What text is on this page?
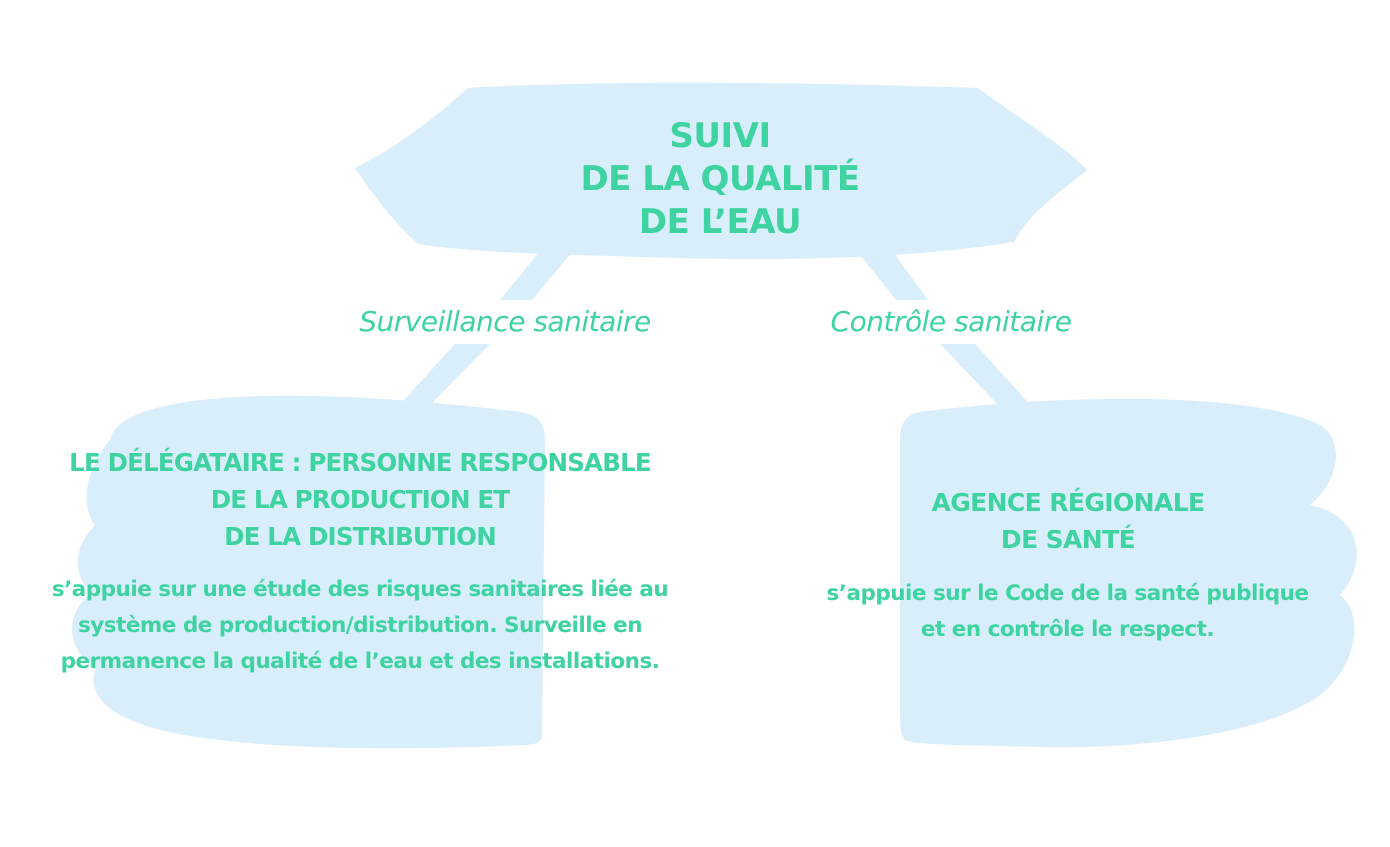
SUIVI
DE LA QUALITÉ
DE L’EAU
Surveillance sanitaire	Contrôle sanitaire
LE DÉLÉGATAIRE : PERSONNE RESPONSABLE
DE LA PRODUCTION ET
DE LA DISTRIBUTION
s’appuie sur une étude des risques sanitaires liée au
système de production/distribution. Surveille en
permanence la qualité de l’eau et des installations.
AGENCE RÉGIONALE
DE SANTÉ
s’appuie sur le Code de la santé publique
et en contrôle le respect.
